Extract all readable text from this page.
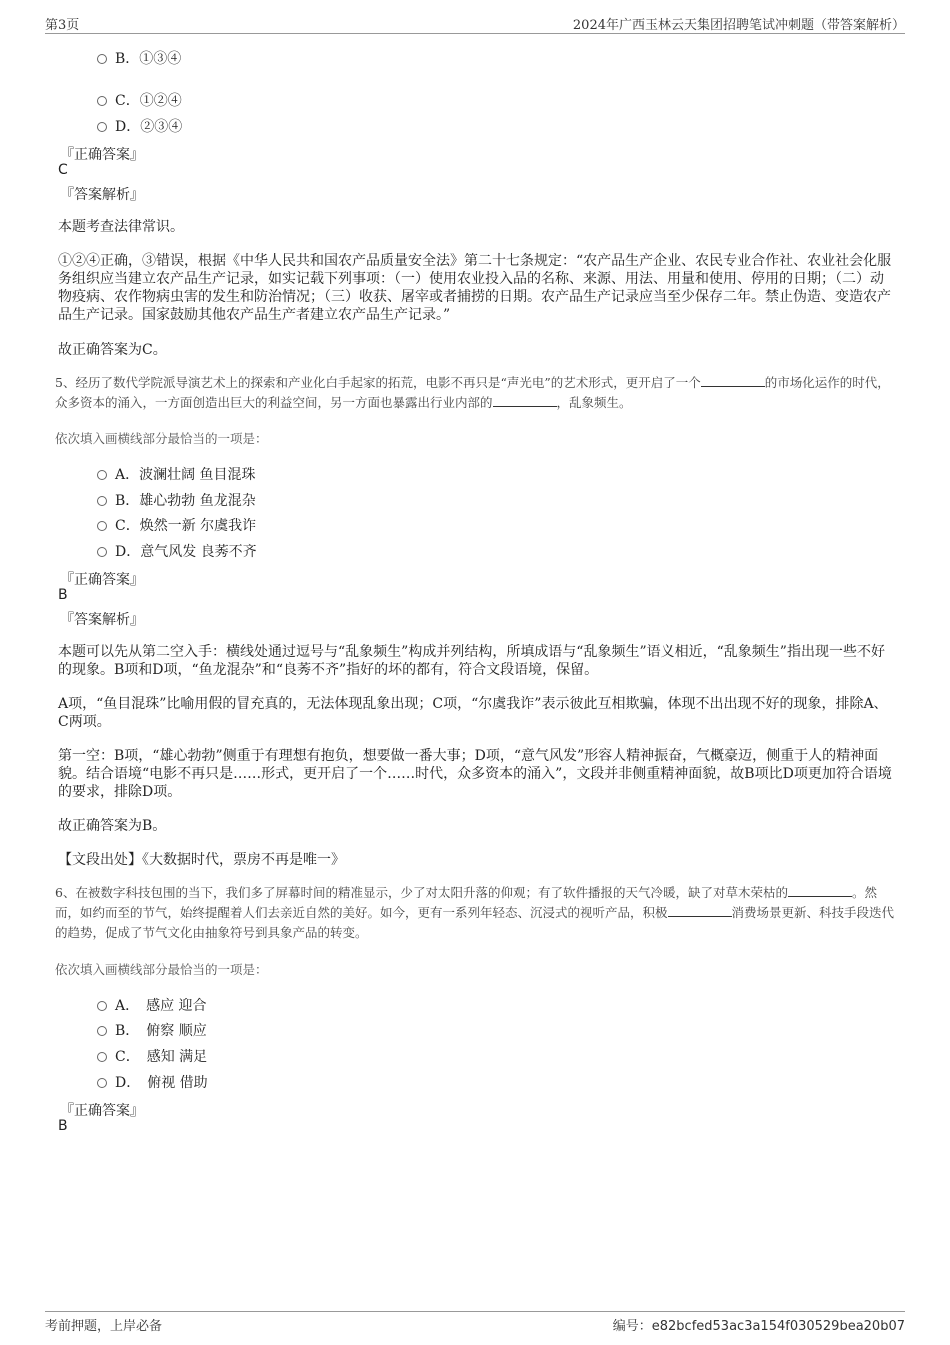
第3页	2024年广西玉林云天集团招聘笔试冲刺题（带答案解析）
B．①③④
C．①②④
D．②③④
『正确答案』
C
『答案解析』
本题考查法律常识。
①②④正确，③错误，根据《中华人民共和国农产品质量安全法》第二十七条规定：“农产品生产企业、农民专业合作社、农业社会化服务组织应当建立农产品生产记录，如实记载下列事项：（一）使用农业投入品的名称、来源、用法、用量和使用、停用的日期；（二）动物疫病、农作物病虫害的发生和防治情况；（三）收获、屠宰或者捕捞的日期。农产品生产记录应当至少保存二年。禁止伪造、变造农产品生产记录。国家鼓励其他农产品生产者建立农产品生产记录。”
故正确答案为C。
5、经历了数代学院派导演艺术上的探索和产业化白手起家的拓荒，电影不再只是“声光电”的艺术形式，更开启了一个	的市场化运作的时代，众多资本的涌入，一方面创造出巨大的利益空间，另一方面也暴露出行业内部的	，乱象频生。
依次填入画横线部分最恰当的一项是：
A．波澜壮阔 鱼目混珠
B．雄心勃勃 鱼龙混杂
C．焕然一新 尔虞我诈
D．意气风发 良莠不齐
『正确答案』
B
『答案解析』
本题可以先从第二空入手：横线处通过逗号与“乱象频生”构成并列结构，所填成语与“乱象频生”语义相近，“乱象频生”指出现一些不好的现象。B项和D项，“鱼龙混杂”和“良莠不齐”指好的坏的都有，符合文段语境，保留。
A项，“鱼目混珠”比喻用假的冒充真的，无法体现乱象出现；C项，“尔虞我诈”表示彼此互相欺骗，体现不出出现不好的现象，排除A、C两项。
第一空：B项，“雄心勃勃”侧重于有理想有抱负，想要做一番大事；D项，“意气风发”形容人精神振奋，气概豪迈，侧重于人的精神面貌。结合语境“电影不再只是……形式，更开启了一个……时代，众多资本的涌入”，文段并非侧重精神面貌，故B项比D项更加符合语境的要求，排除D项。
故正确答案为B。
【文段出处】《大数据时代，票房不再是唯一》
6、在被数字科技包围的当下，我们多了屏幕时间的精准显示，少了对太阳升落的仰观；有了软件播报的天气冷暖，缺了对草木荣枯的	。然而，如约而至的节气，始终提醒着人们去亲近自然的美好。如今，更有一系列年轻态、沉浸式的视听产品，积极	消费场景更新、科技手段迭代的趋势，促成了节气文化由抽象符号到具象产品的转变。
依次填入画横线部分最恰当的一项是：
A．　感应 迎合
B．　俯察 顺应
C．　感知 满足
D．　俯视 借助
『正确答案』
B
考前押题，上岸必备	编号：e82bcfed53ac3a154f030529bea20b07
